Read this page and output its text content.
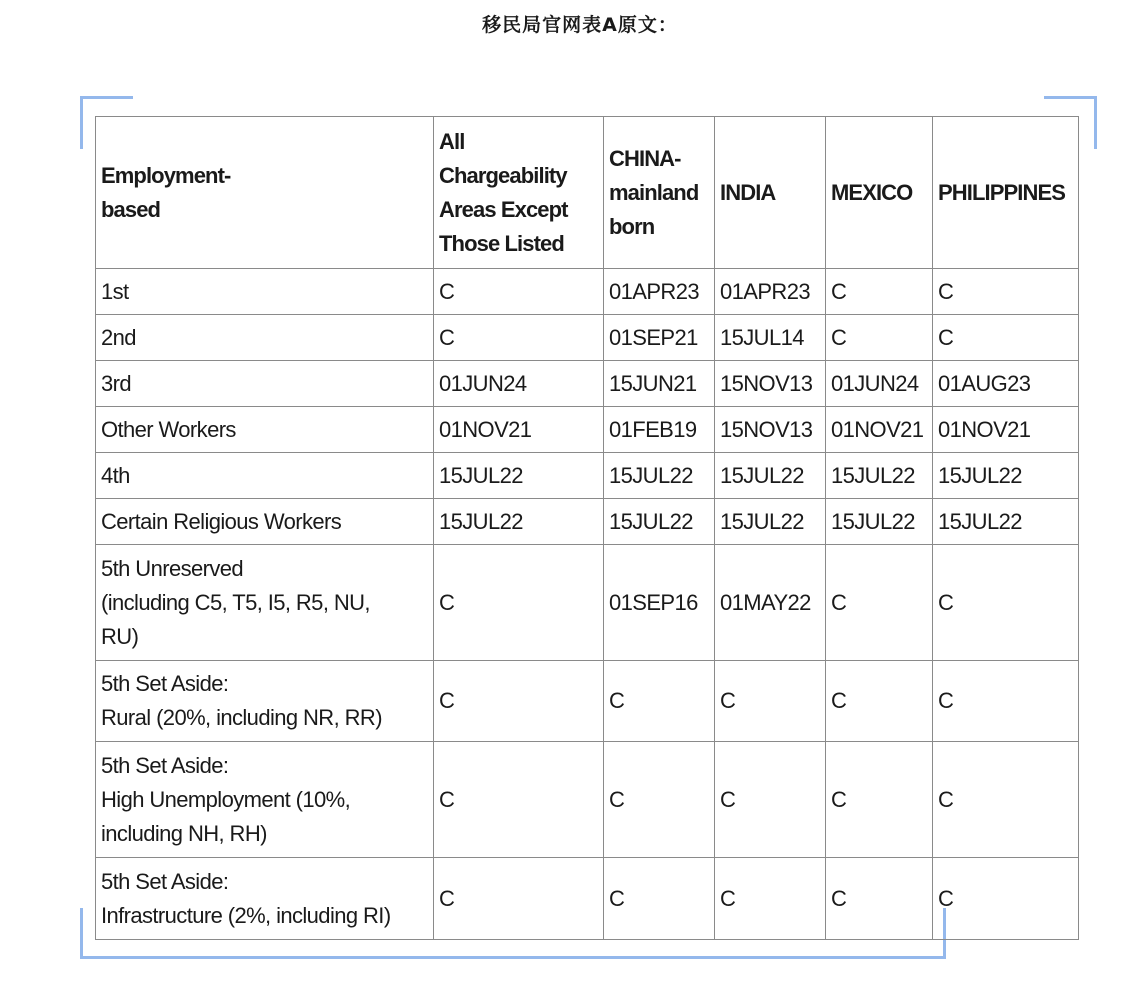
移民局官网表A原文：
Employment-
based	All
Chargeability
Areas Except
Those Listed	CHINA-
mainland
born	INDIA	MEXICO	PHILIPPINES
1st	C	01APR23	01APR23	C	C
2nd	C	01SEP21	15JUL14	C	C
3rd	01JUN24	15JUN21	15NOV13	01JUN24	01AUG23
Other Workers	01NOV21	01FEB19	15NOV13	01NOV21	01NOV21
4th	15JUL22	15JUL22	15JUL22	15JUL22	15JUL22
Certain Religious Workers	15JUL22	15JUL22	15JUL22	15JUL22	15JUL22
5th Unreserved
(including C5, T5, I5, R5, NU,
RU)	C	01SEP16	01MAY22	C	C
5th Set Aside:
Rural (20%, including NR, RR)	C	C	C	C	C
5th Set Aside:
High Unemployment (10%,
including NH, RH)	C	C	C	C	C
5th Set Aside:
Infrastructure (2%, including RI)	C	C	C	C	C
